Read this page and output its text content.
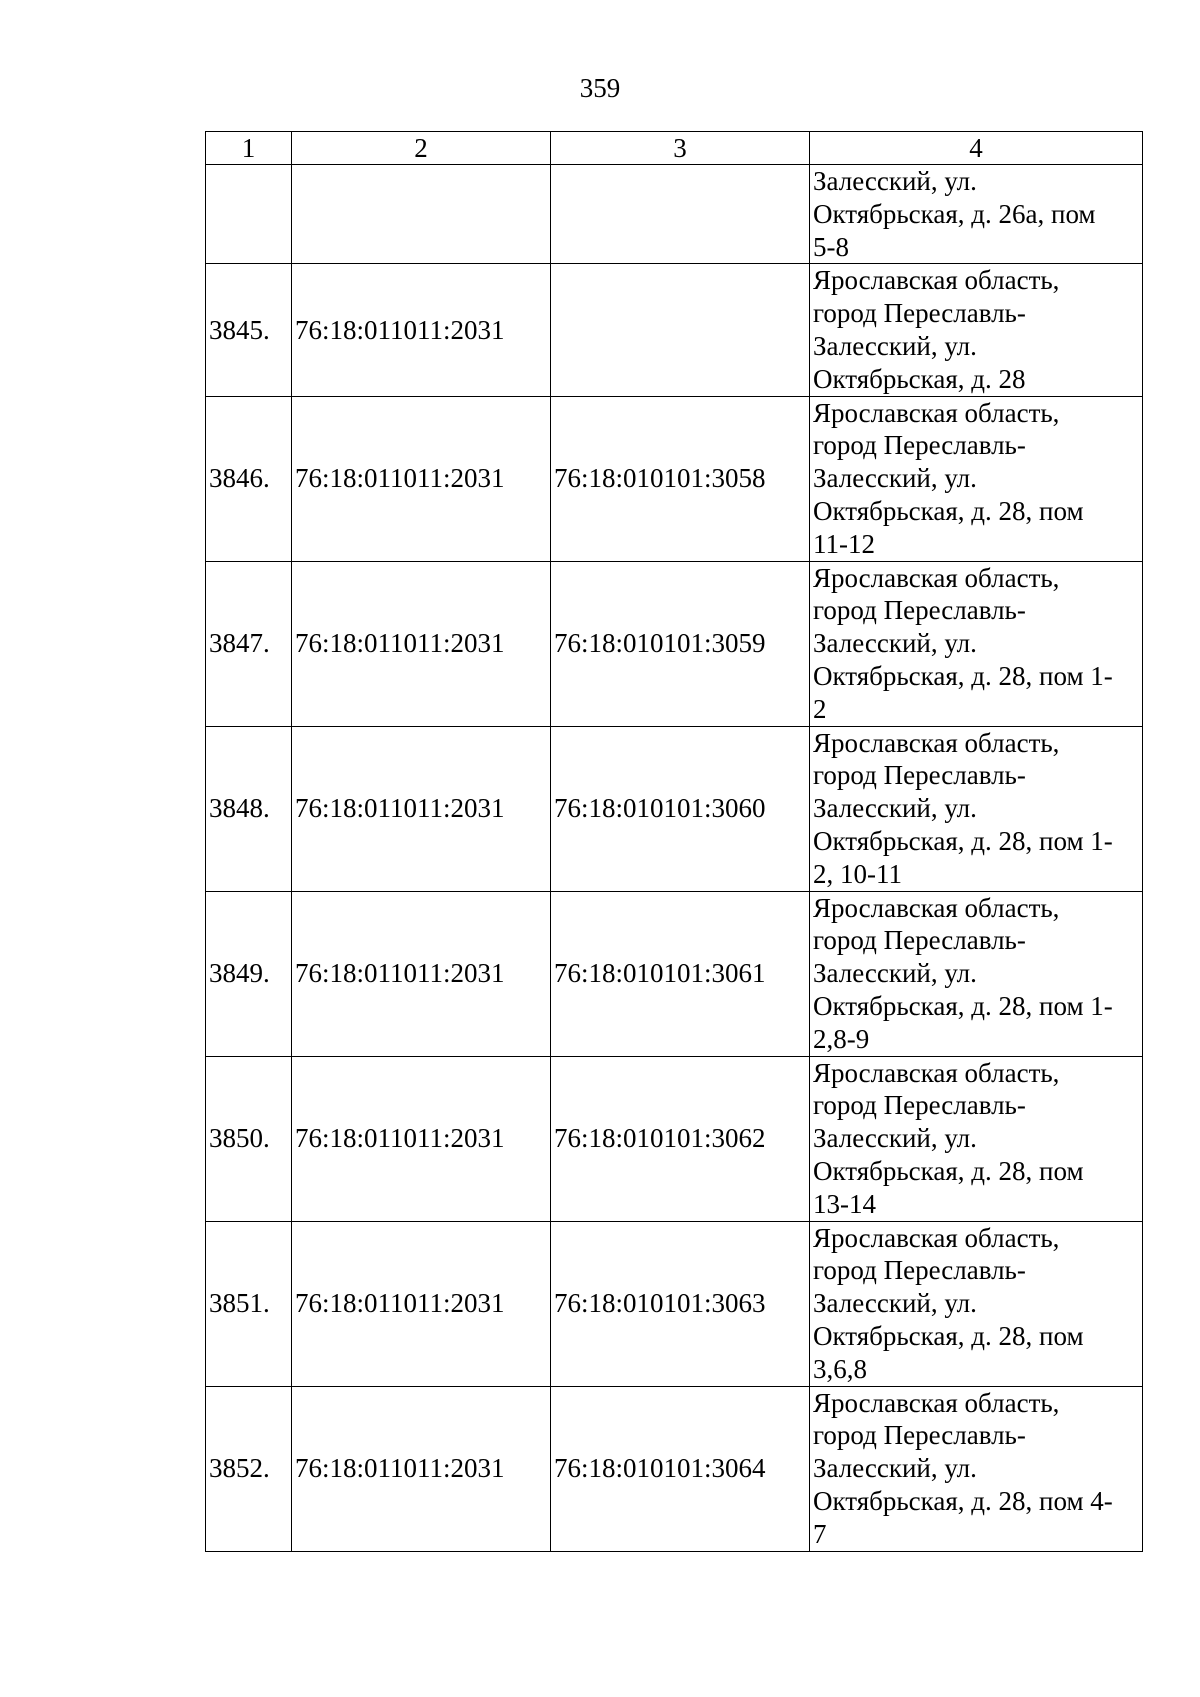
359
1	2	3	4

			Залесский, ул.
Октябрьская, д. 26а, пом
5-8

3845.	76:18:011011:2031		Ярославская область,
город Переславль-
Залесский, ул.
Октябрьская, д. 28

3846.	76:18:011011:2031	76:18:010101:3058	Ярославская область,
город Переславль-
Залесский, ул.
Октябрьская, д. 28, пом
11-12

3847.	76:18:011011:2031	76:18:010101:3059	Ярославская область,
город Переславль-
Залесский, ул.
Октябрьская, д. 28, пом 1-
2

3848.	76:18:011011:2031	76:18:010101:3060	Ярославская область,
город Переславль-
Залесский, ул.
Октябрьская, д. 28, пом 1-
2, 10-11

3849.	76:18:011011:2031	76:18:010101:3061	Ярославская область,
город Переславль-
Залесский, ул.
Октябрьская, д. 28, пом 1-
2,8-9

3850.	76:18:011011:2031	76:18:010101:3062	Ярославская область,
город Переславль-
Залесский, ул.
Октябрьская, д. 28, пом
13-14

3851.	76:18:011011:2031	76:18:010101:3063	Ярославская область,
город Переславль-
Залесский, ул.
Октябрьская, д. 28, пом
3,6,8

3852.	76:18:011011:2031	76:18:010101:3064	Ярославская область,
город Переславль-
Залесский, ул.
Октябрьская, д. 28, пом 4-
7
